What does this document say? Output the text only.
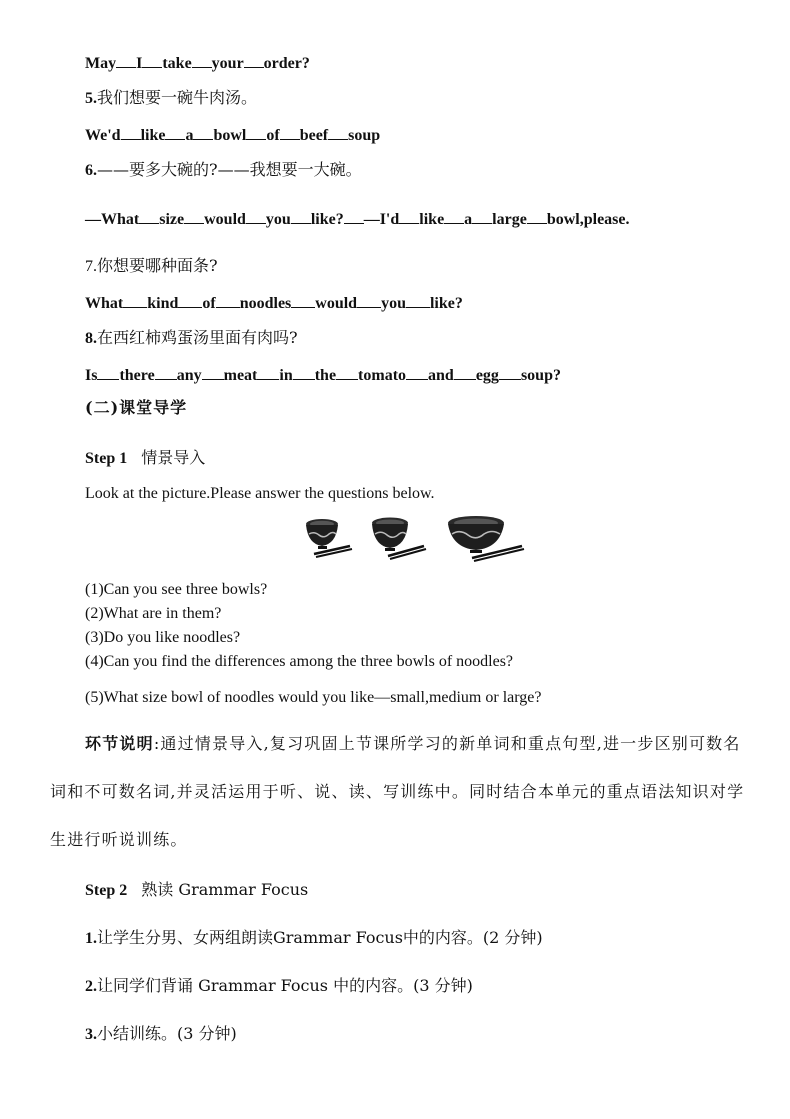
May I take your order?
5.我们想要一碗牛肉汤。
We'd like a bowl of beef soup
6.——要多大碗的?——我想要一大碗。
—What size would you like? —I'd like a large bowl,please.
7.你想要哪种面条?
What kind of noodles would you like?
8.在西红柿鸡蛋汤里面有肉吗?
Is there any meat in the tomato and egg soup?
(二)课堂导学
Step 1 情景导入
Look at the picture.Please answer the questions below.
(1)Can you see three bowls?
(2)What are in them?
(3)Do you like noodles?
(4)Can you find the differences among the three bowls of noodles?
(5)What size bowl of noodles would you like—small,medium or large?
环节说明:通过情景导入,复习巩固上节课所学习的新单词和重点句型,进一步区别可数名词和不可数名词,并灵活运用于听、说、读、写训练中。同时结合本单元的重点语法知识对学生进行听说训练。
Step 2 熟读 Grammar Focus
1.让学生分男、女两组朗读Grammar Focus中的内容。(2 分钟)
2.让同学们背诵 Grammar Focus 中的内容。(3 分钟)
3.小结训练。(3 分钟)
